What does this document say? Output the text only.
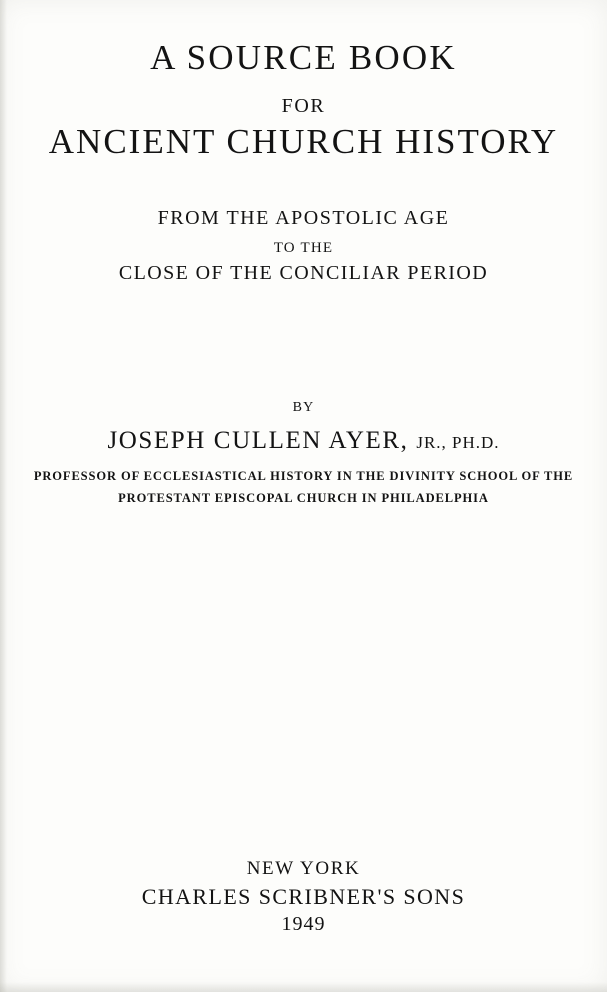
A SOURCE BOOK
FOR
ANCIENT CHURCH HISTORY
FROM THE APOSTOLIC AGE
TO THE
CLOSE OF THE CONCILIAR PERIOD
BY
JOSEPH CULLEN AYER, JR., PH.D.
PROFESSOR OF ECCLESIASTICAL HISTORY IN THE DIVINITY SCHOOL OF THE
PROTESTANT EPISCOPAL CHURCH IN PHILADELPHIA
NEW YORK
CHARLES SCRIBNER'S SONS
1949
